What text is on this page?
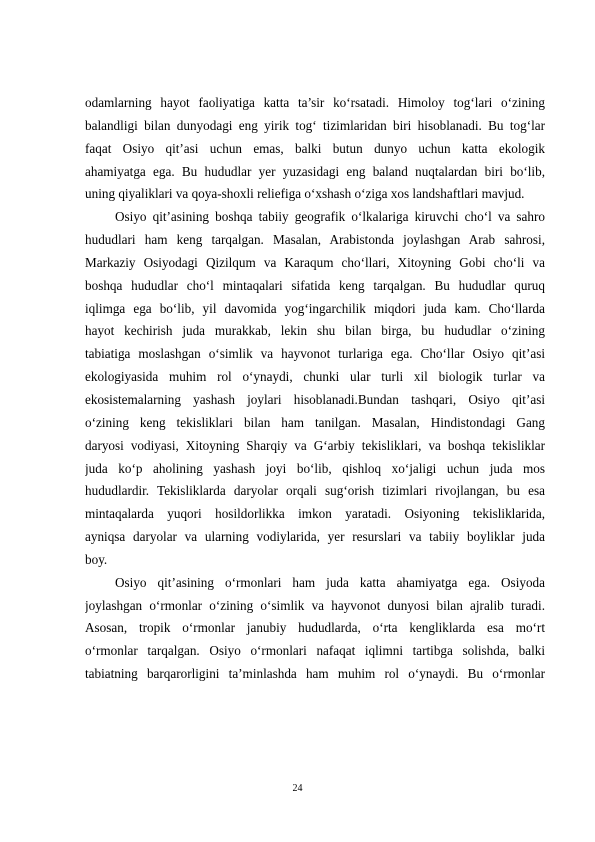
odamlarning hayot faoliyatiga katta ta’sir ko‘rsatadi. Himoloy tog‘lari o‘zining
balandligi bilan dunyodagi eng yirik tog‘ tizimlaridan biri hisoblanadi. Bu tog‘lar
faqat Osiyo qit’asi uchun emas, balki butun dunyo uchun katta ekologik
ahamiyatga ega. Bu hududlar yer yuzasidagi eng baland nuqtalardan biri bo‘lib,
uning qiyaliklari va qoya-shoxli reliefiga o‘xshash o‘ziga xos landshaftlari mavjud.
Osiyo qit’asining boshqa tabiiy geografik o‘lkalariga kiruvchi cho‘l va sahro
hududlari ham keng tarqalgan. Masalan, Arabistonda joylashgan Arab sahrosi,
Markaziy Osiyodagi Qizilqum va Karaqum cho‘llari, Xitoyning Gobi cho‘li va
boshqa hududlar cho‘l mintaqalari sifatida keng tarqalgan. Bu hududlar quruq
iqlimga ega bo‘lib, yil davomida yog‘ingarchilik miqdori juda kam. Cho‘llarda
hayot kechirish juda murakkab, lekin shu bilan birga, bu hududlar o‘zining
tabiatiga moslashgan o‘simlik va hayvonot turlariga ega. Cho‘llar Osiyo qit’asi
ekologiyasida muhim rol o‘ynaydi, chunki ular turli xil biologik turlar va
ekosistemalarning yashash joylari hisoblanadi.Bundan tashqari, Osiyo qit’asi
o‘zining keng tekisliklari bilan ham tanilgan. Masalan, Hindistondagi Gang
daryosi vodiyasi, Xitoyning Sharqiy va G‘arbiy tekisliklari, va boshqa tekisliklar
juda ko‘p aholining yashash joyi bo‘lib, qishloq xo‘jaligi uchun juda mos
hududlardir. Tekisliklarda daryolar orqali sug‘orish tizimlari rivojlangan, bu esa
mintaqalarda yuqori hosildorlikka imkon yaratadi. Osiyoning tekisliklarida,
ayniqsa daryolar va ularning vodiylarida, yer resurslari va tabiiy boyliklar juda
boy.
Osiyo qit’asining o‘rmonlari ham juda katta ahamiyatga ega. Osiyoda
joylashgan o‘rmonlar o‘zining o‘simlik va hayvonot dunyosi bilan ajralib turadi.
Asosan, tropik o‘rmonlar janubiy hududlarda, o‘rta kengliklarda esa mo‘rt
o‘rmonlar tarqalgan. Osiyo o‘rmonlari nafaqat iqlimni tartibga solishda, balki
tabiatning barqarorligini ta’minlashda ham muhim rol o‘ynaydi. Bu o‘rmonlar
24
